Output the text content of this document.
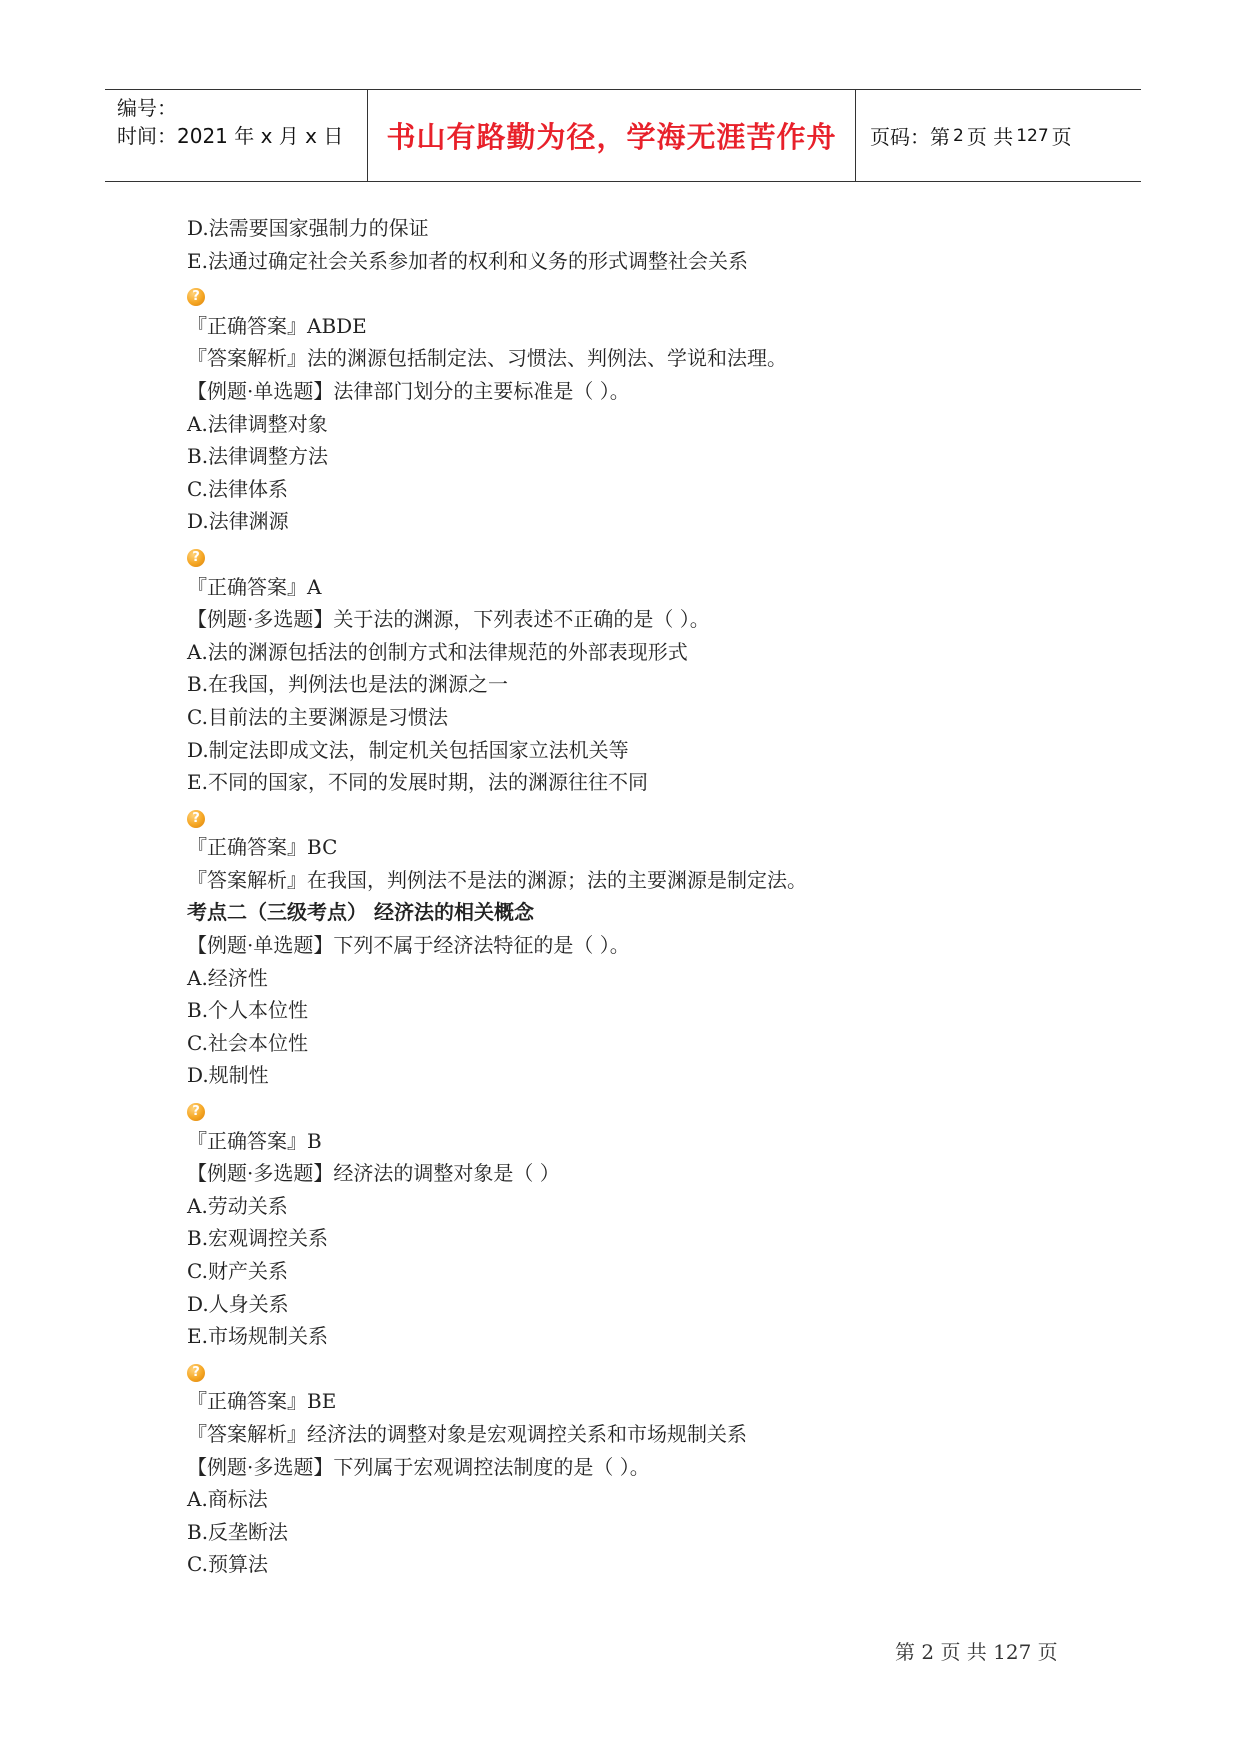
编号：
时间：2021 年 x 月 x 日	书山有路勤为径，学海无涯苦作舟	页码：第 2 页 共 127 页
D.法需要国家强制力的保证
E.法通过确定社会关系参加者的权利和义务的形式调整社会关系
?
『正确答案』ABDE
『答案解析』法的渊源包括制定法、习惯法、判例法、学说和法理。
【例题·单选题】法律部门划分的主要标准是（ ）。
A.法律调整对象
B.法律调整方法
C.法律体系
D.法律渊源
?
『正确答案』A
【例题·多选题】关于法的渊源，下列表述不正确的是（ ）。
A.法的渊源包括法的创制方式和法律规范的外部表现形式
B.在我国，判例法也是法的渊源之一
C.目前法的主要渊源是习惯法
D.制定法即成文法，制定机关包括国家立法机关等
E.不同的国家，不同的发展时期，法的渊源往往不同
?
『正确答案』BC
『答案解析』在我国，判例法不是法的渊源；法的主要渊源是制定法。
考点二（三级考点） 经济法的相关概念
【例题·单选题】下列不属于经济法特征的是（ ）。
A.经济性
B.个人本位性
C.社会本位性
D.规制性
?
『正确答案』B
【例题·多选题】经济法的调整对象是（ ）
A.劳动关系
B.宏观调控关系
C.财产关系
D.人身关系
E.市场规制关系
?
『正确答案』BE
『答案解析』经济法的调整对象是宏观调控关系和市场规制关系
【例题·多选题】下列属于宏观调控法制度的是（ ）。
A.商标法
B.反垄断法
C.预算法
第 2 页 共 127 页
